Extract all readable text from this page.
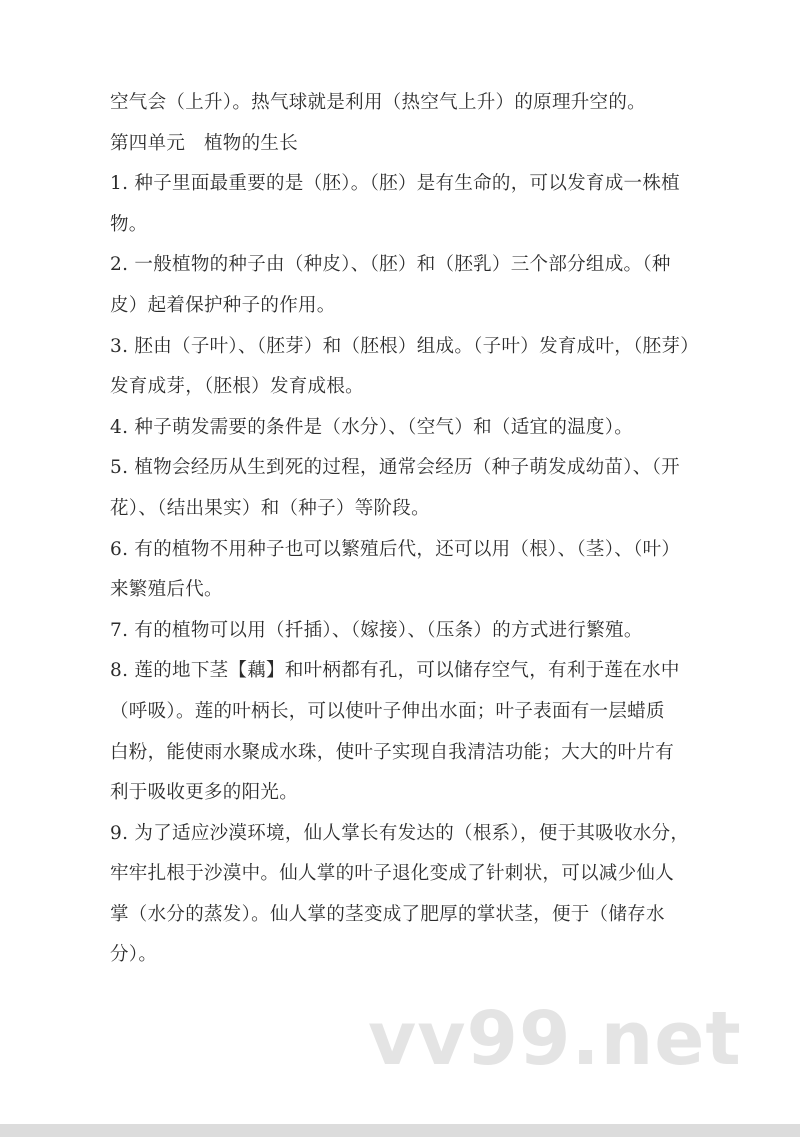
空气会（上升）。热气球就是利用（热空气上升）的原理升空的。
第四单元　植物的生长
1. 种子里面最重要的是（胚）。（胚）是有生命的，可以发育成一株植
物。
2. 一般植物的种子由（种皮）、（胚）和（胚乳）三个部分组成。（种
皮）起着保护种子的作用。
3. 胚由（子叶）、（胚芽）和（胚根）组成。（子叶）发育成叶，（胚芽）
发育成芽，（胚根）发育成根。
4. 种子萌发需要的条件是（水分）、（空气）和（适宜的温度）。
5. 植物会经历从生到死的过程，通常会经历（种子萌发成幼苗）、（开
花）、（结出果实）和（种子）等阶段。
6. 有的植物不用种子也可以繁殖后代，还可以用（根）、（茎）、（叶）
来繁殖后代。
7. 有的植物可以用（扦插）、（嫁接）、（压条）的方式进行繁殖。
8. 莲的地下茎【藕】和叶柄都有孔，可以储存空气，有利于莲在水中
（呼吸）。莲的叶柄长，可以使叶子伸出水面；叶子表面有一层蜡质
白粉，能使雨水聚成水珠，使叶子实现自我清洁功能；大大的叶片有
利于吸收更多的阳光。
9. 为了适应沙漠环境，仙人掌长有发达的（根系），便于其吸收水分，
牢牢扎根于沙漠中。仙人掌的叶子退化变成了针刺状，可以减少仙人
掌（水分的蒸发）。仙人掌的茎变成了肥厚的掌状茎，便于（储存水
分）。
vv99.net
